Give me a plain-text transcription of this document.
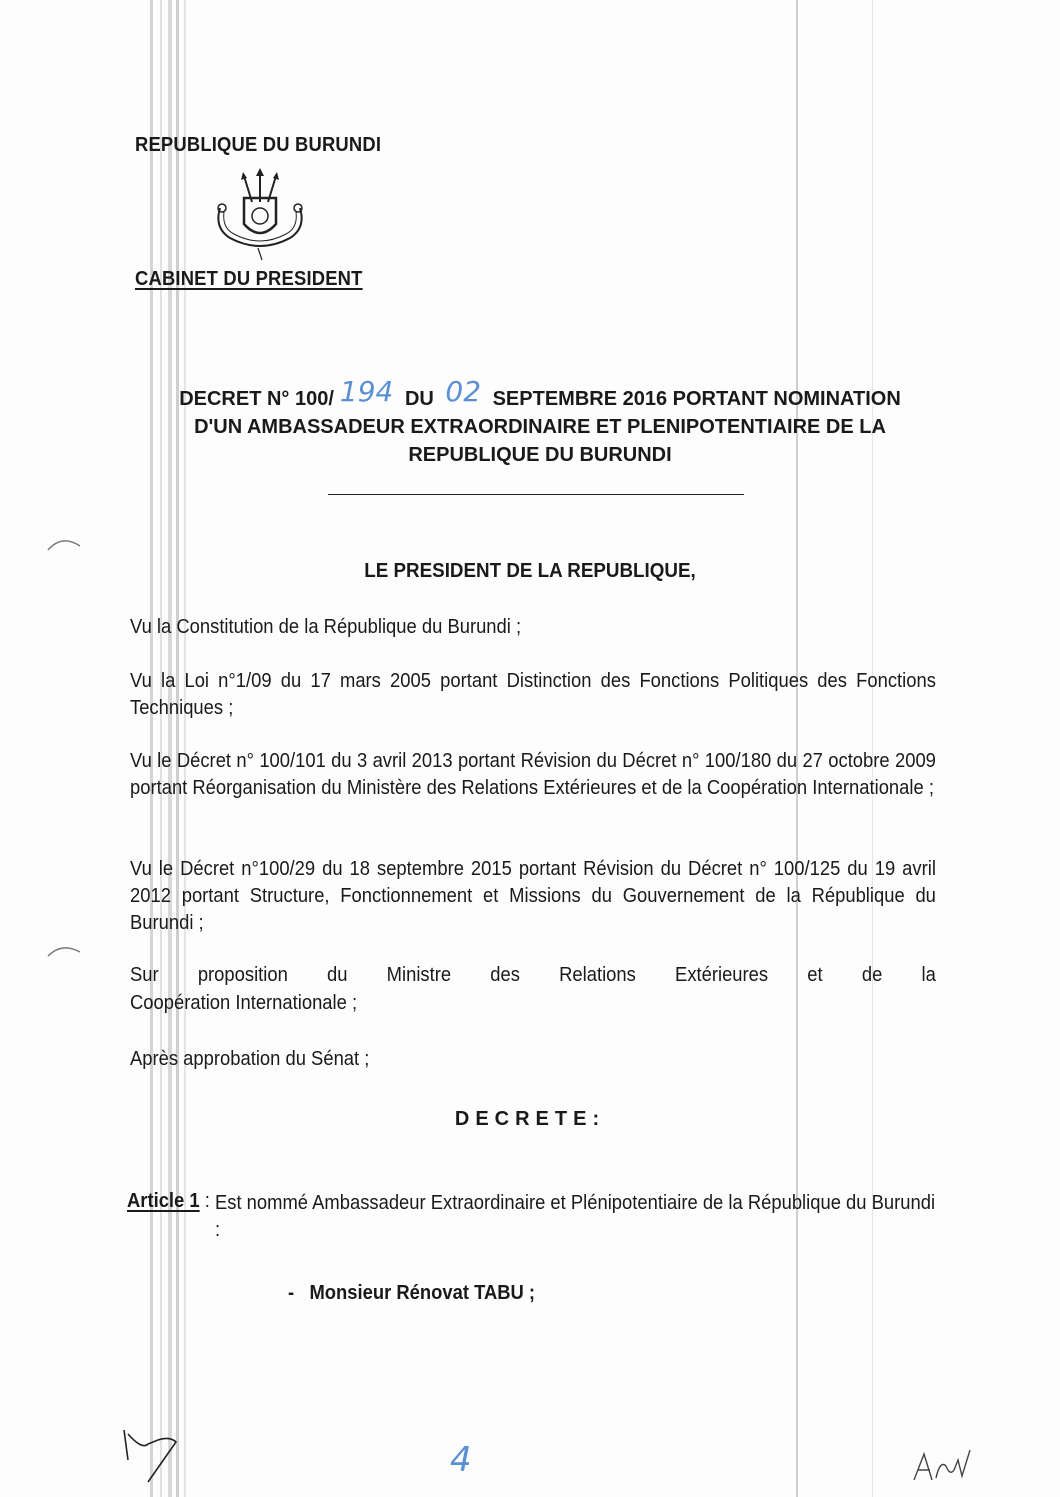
REPUBLIQUE DU BURUNDI
CABINET DU PRESIDENT
DECRET N° 100/ 194 DU 02 SEPTEMBRE 2016 PORTANT NOMINATION
D'UN AMBASSADEUR EXTRAORDINAIRE ET PLENIPOTENTIAIRE DE LA
REPUBLIQUE DU BURUNDI
LE PRESIDENT DE LA REPUBLIQUE,
Vu la Constitution de la République du Burundi ;
Vu la Loi n°1/09 du 17 mars 2005 portant Distinction des Fonctions Politiques des Fonctions Techniques ;
Vu le Décret n° 100/101 du 3 avril 2013 portant Révision du Décret n° 100/180 du 27 octobre 2009 portant Réorganisation du Ministère des Relations Extérieures et de la Coopération Internationale ;
Vu le Décret n°100/29 du 18 septembre 2015 portant Révision du Décret n° 100/125 du 19 avril 2012 portant Structure, Fonctionnement et Missions du Gouvernement de la République du Burundi ;
Sur proposition du Ministre des Relations Extérieures et de la
Coopération Internationale ;
Après approbation du Sénat ;
DECRETE:
Article 1 : Est nommé Ambassadeur Extraordinaire et Plénipotentiaire de la République du Burundi :
-   Monsieur Rénovat TABU ;
4
